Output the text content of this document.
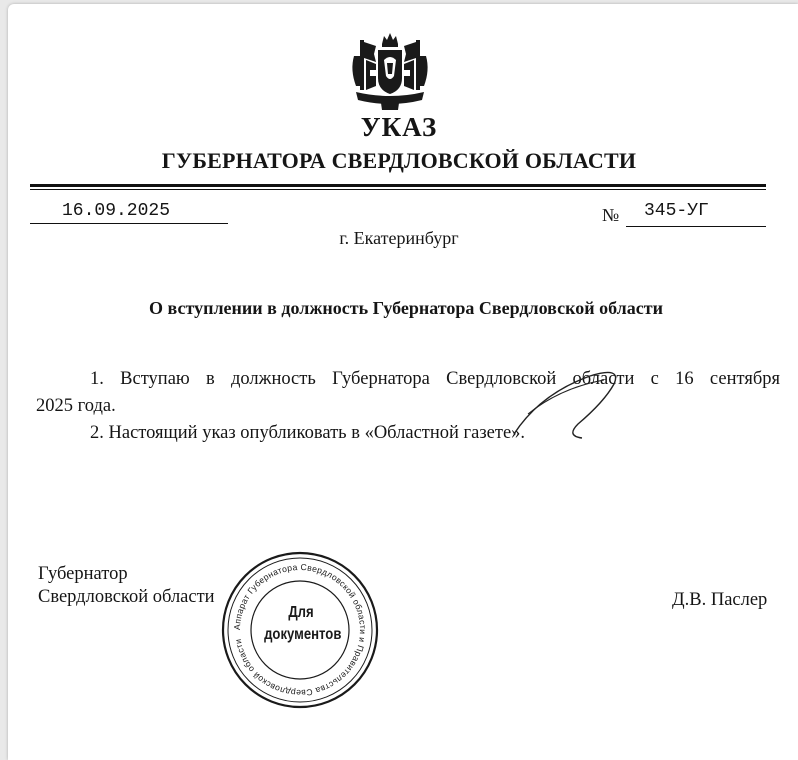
УКАЗ
ГУБЕРНАТОРА СВЕРДЛОВСКОЙ ОБЛАСТИ
16.09.2025	№ 345-УГ
г. Екатеринбург
О вступлении в должность Губернатора Свердловской области
1. Вступаю в должность Губернатора Свердловской области с 16 сентября
2025 года.
2. Настоящий указ опубликовать в «Областной газете».
Губернатор
Свердловской области
Аппарат Губернатора Свердловской области и Правительства Свердловской области
Для
документов
Д.В. Паслер
